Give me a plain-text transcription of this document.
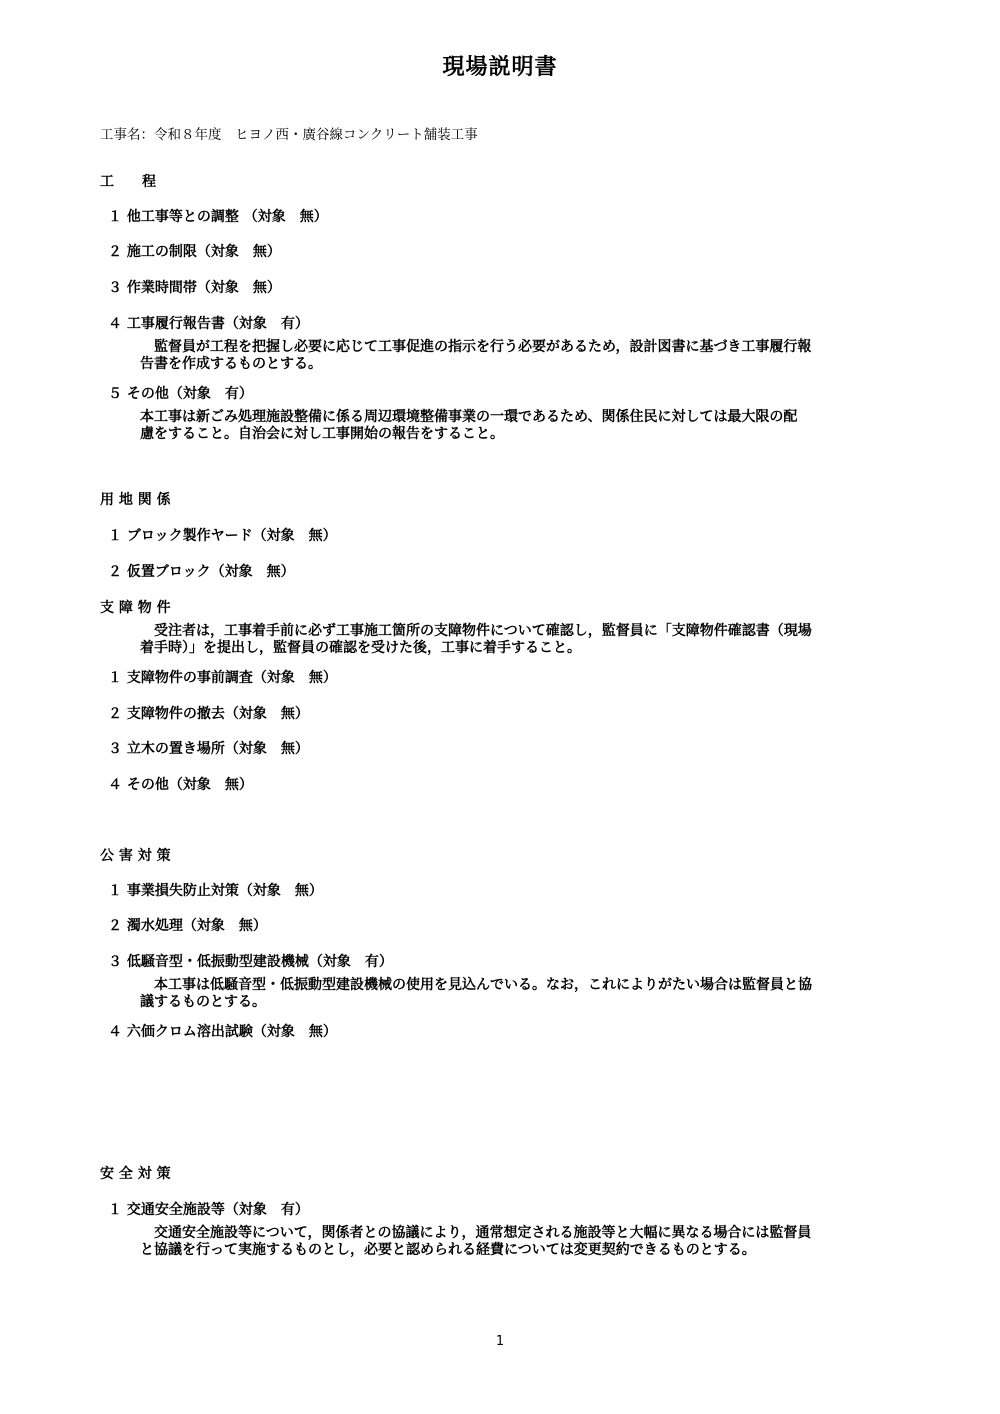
現場説明書
工事名：令和８年度　ヒヨノ西・廣谷線コンクリート舗装工事
工　　程
１ 他工事等との調整 （対象　無）
２ 施工の制限（対象　無）
３ 作業時間帯（対象　無）
４ 工事履行報告書（対象　有）
　監督員が工程を把握し必要に応じて工事促進の指示を行う必要があるため，設計図書に基づき工事履行報
告書を作成するものとする。
５ その他（対象　有）
本工事は新ごみ処理施設整備に係る周辺環境整備事業の一環であるため、関係住民に対しては最大限の配
慮をすること。自治会に対し工事開始の報告をすること。
用 地 関 係
１ ブロック製作ヤード（対象　無）
２ 仮置ブロック（対象　無）
支 障 物 件
　受注者は，工事着手前に必ず工事施工箇所の支障物件について確認し，監督員に「支障物件確認書（現場
着手時）」を提出し，監督員の確認を受けた後，工事に着手すること。
１ 支障物件の事前調査（対象　無）
２ 支障物件の撤去（対象　無）
３ 立木の置き場所（対象　無）
４ その他（対象　無）
公 害 対 策
１ 事業損失防止対策（対象　無）
２ 濁水処理（対象　無）
３ 低騒音型・低振動型建設機械（対象　有）
　本工事は低騒音型・低振動型建設機械の使用を見込んでいる。なお，これによりがたい場合は監督員と協
議するものとする。
４ 六価クロム溶出試験（対象　無）
安 全 対 策
１ 交通安全施設等（対象　有）
　交通安全施設等について，関係者との協議により，通常想定される施設等と大幅に異なる場合には監督員
と協議を行って実施するものとし，必要と認められる経費については変更契約できるものとする。
1
